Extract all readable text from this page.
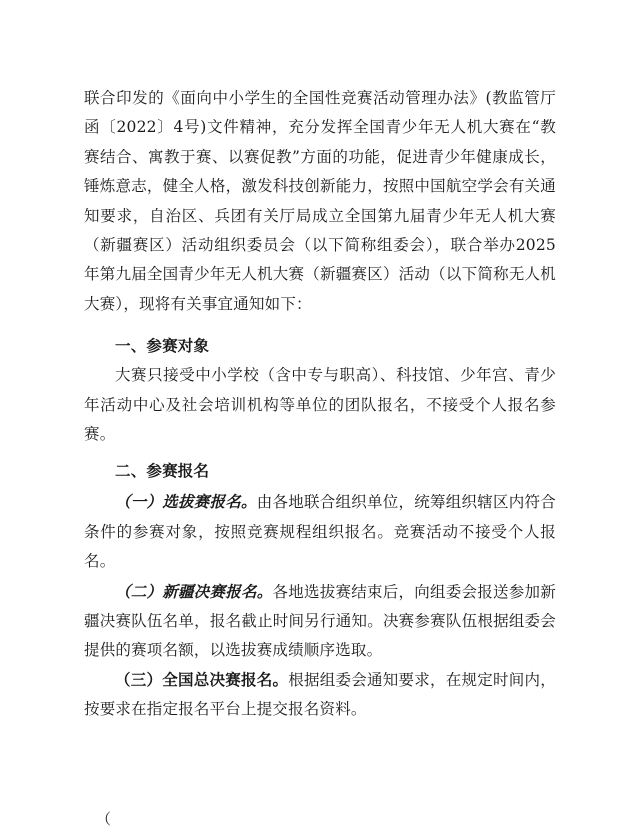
联合印发的《面向中小学生的全国性竞赛活动管理办法》(教监管厅函〔2022〕4号)文件精神，充分发挥全国青少年无人机大赛在“教赛结合、寓教于赛、以赛促教”方面的功能，促进青少年健康成长，锤炼意志，健全人格，激发科技创新能力，按照中国航空学会有关通知要求，自治区、兵团有关厅局成立全国第九届青少年无人机大赛（新疆赛区）活动组织委员会（以下简称组委会），联合举办2025年第九届全国青少年无人机大赛（新疆赛区）活动（以下简称无人机大赛），现将有关事宜通知如下：

一、参赛对象

大赛只接受中小学校（含中专与职高）、科技馆、少年宫、青少年活动中心及社会培训机构等单位的团队报名，不接受个人报名参赛。

二、参赛报名

（一）选拔赛报名。由各地联合组织单位，统筹组织辖区内符合条件的参赛对象，按照竞赛规程组织报名。竞赛活动不接受个人报名。

（二）新疆决赛报名。各地选拔赛结束后，向组委会报送参加新疆决赛队伍名单，报名截止时间另行通知。决赛参赛队伍根据组委会提供的赛项名额，以选拔赛成绩顺序选取。

（三）全国总决赛报名。根据组委会通知要求，在规定时间内，按要求在指定报名平台上提交报名资料。

（
